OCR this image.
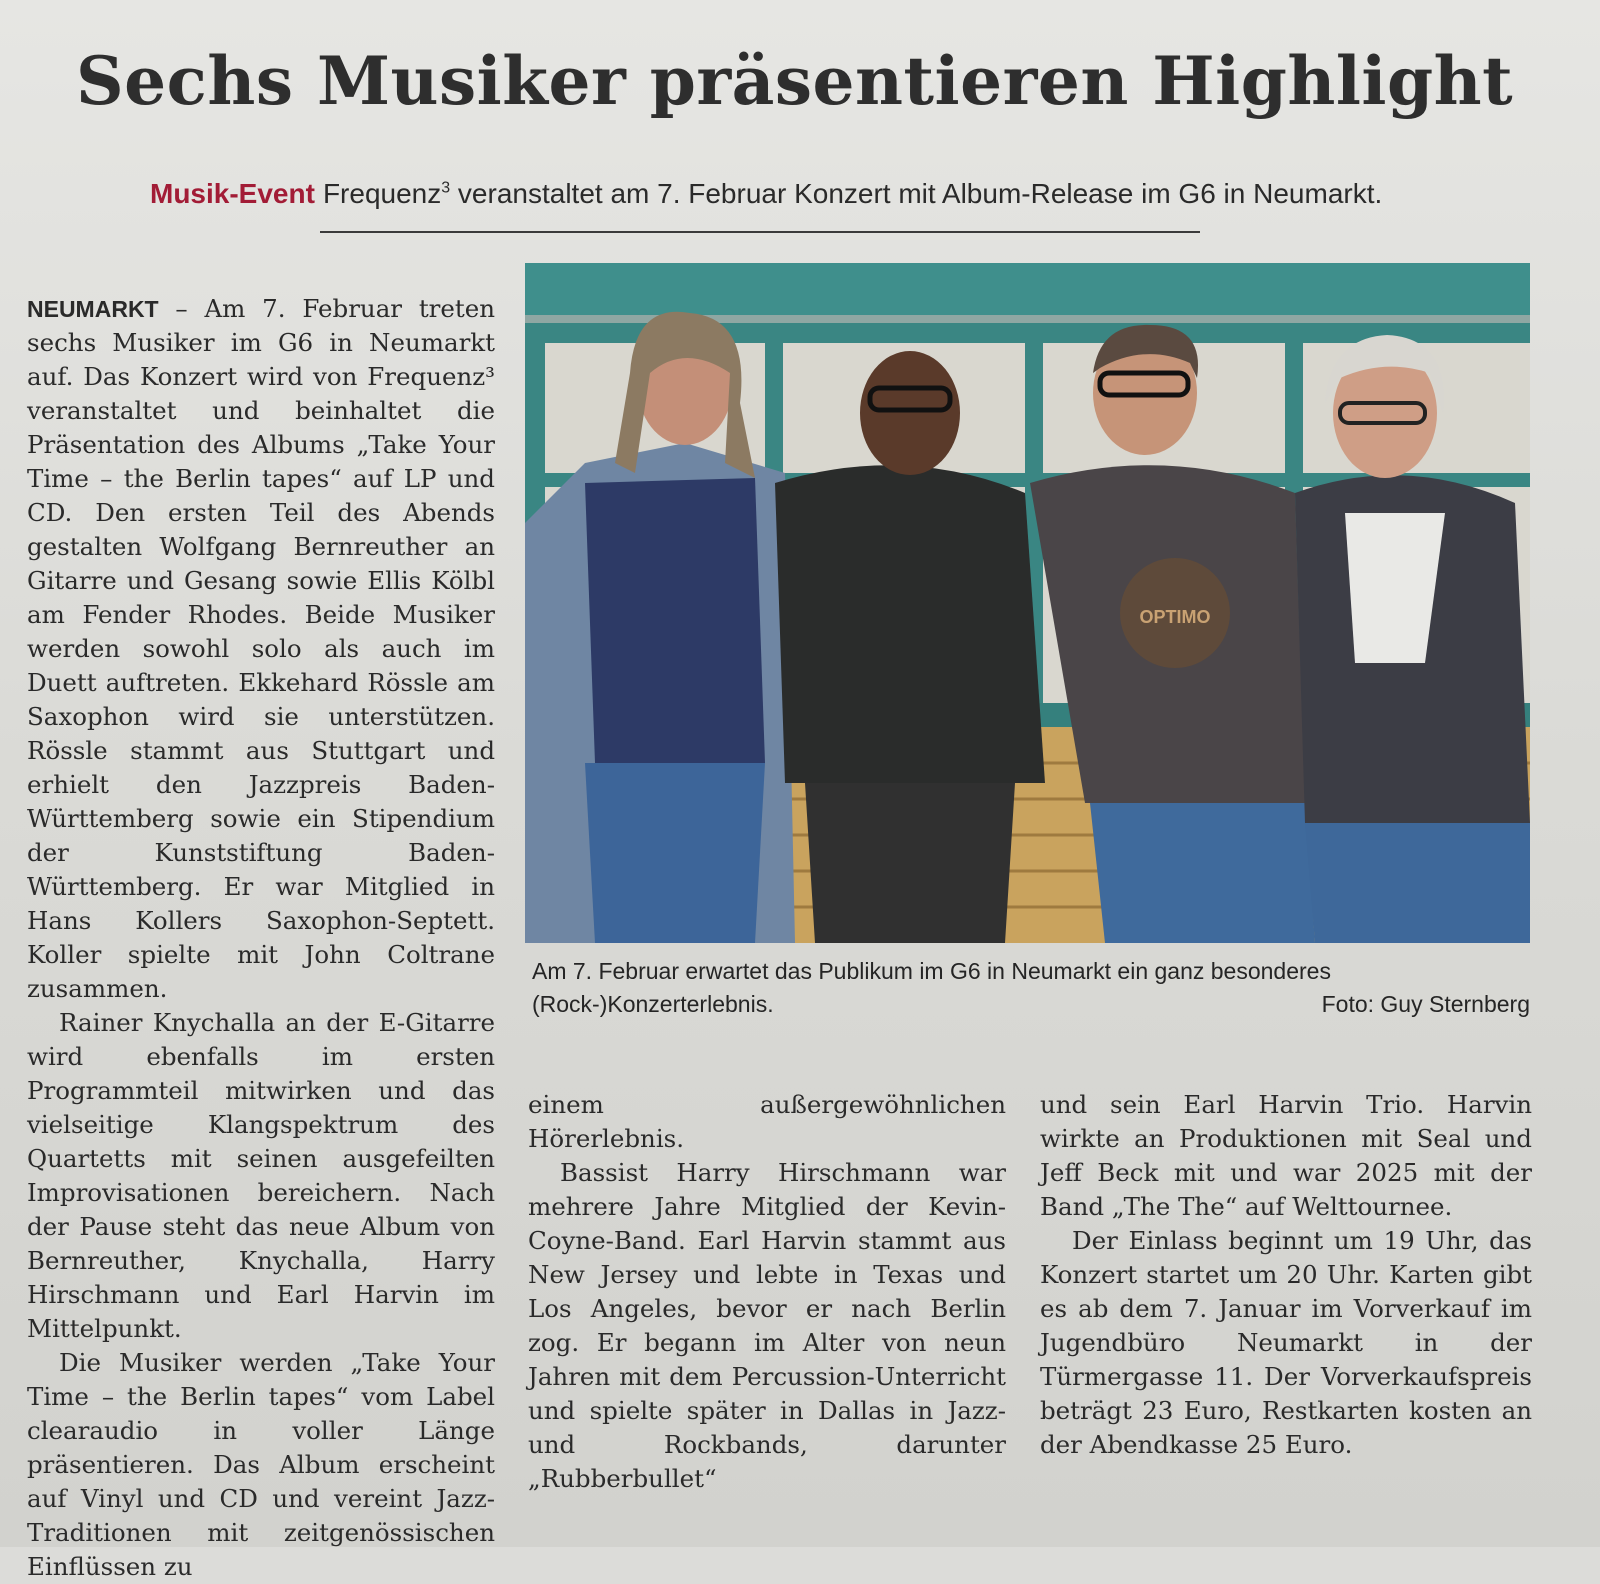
Sechs Musiker präsentieren Highlight
Musik-Event Frequenz$^3$ veranstaltet am 7. Februar Konzert mit Album-Release im G6 in Neumarkt.

NEUMARKT – Am 7. Februar treten sechs Musiker im G6 in Neumarkt auf. Das Konzert wird von Frequenz³ veranstaltet und beinhaltet die Präsentation des Albums „Take Your Time – the Berlin tapes“ auf LP und CD. Den ersten Teil des Abends gestalten Wolfgang Bernreuther an Gitarre und Gesang sowie Ellis Kölbl am Fender Rhodes. Beide Musiker werden sowohl solo als auch im Duett auftreten. Ekkehard Rössle am Saxophon wird sie unterstützen. Rössle stammt aus Stuttgart und erhielt den Jazzpreis Baden-Württemberg sowie ein Stipendium der Kunststiftung Baden-Württemberg. Er war Mitglied in Hans Kollers Saxophon-Septett. Koller spielte mit John Coltrane zusammen.

Rainer Knychalla an der E-Gitarre wird ebenfalls im ersten Programmteil mitwirken und das vielseitige Klangspektrum des Quartetts mit seinen ausgefeilten Improvisationen bereichern. Nach der Pause steht das neue Album von Bernreuther, Knychalla, Harry Hirschmann und Earl Harvin im Mittelpunkt.

Die Musiker werden „Take Your Time – the Berlin tapes“ vom Label clearaudio in voller Länge präsentieren. Das Album erscheint auf Vinyl und CD und vereint Jazz-Traditionen mit zeitgenössischen Einflüssen zu

OPTIMO
Am 7. Februar erwartet das Publikum im G6 in Neumarkt ein ganz besonderes (Rock-)Konzerterlebnis.	Foto: Guy Sternberg

einem außergewöhnlichen Hörerlebnis.

Bassist Harry Hirschmann war mehrere Jahre Mitglied der Kevin-Coyne-Band. Earl Harvin stammt aus New Jersey und lebte in Texas und Los Angeles, bevor er nach Berlin zog. Er begann im Alter von neun Jahren mit dem Percussion-Unterricht und spielte später in Dallas in Jazz- und Rockbands, darunter „Rubberbullet“

und sein Earl Harvin Trio. Harvin wirkte an Produktionen mit Seal und Jeff Beck mit und war 2025 mit der Band „The The“ auf Welttournee.

Der Einlass beginnt um 19 Uhr, das Konzert startet um 20 Uhr. Karten gibt es ab dem 7. Januar im Vorverkauf im Jugendbüro Neumarkt in der Türmergasse 11. Der Vorverkaufspreis beträgt 23 Euro, Restkarten kosten an der Abendkasse 25 Euro.
